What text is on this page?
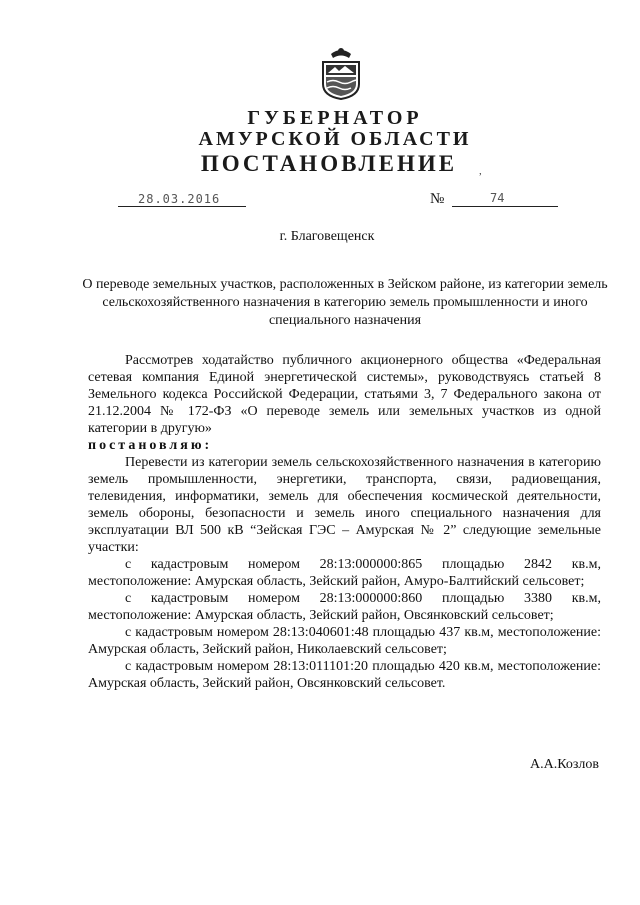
ГУБЕРНАТОР
АМУРСКОЙ ОБЛАСТИ
ПОСТАНОВЛЕНИЕ	,
28.03.2016	№	74
г. Благовещенск
О переводе земельных участков, расположенных в Зейском районе, из категории земель сельскохозяйственного назначения в категорию земель промышленности и иного специального назначения

Рассмотрев ходатайство публичного акционерного общества «Федеральная сетевая компания Единой энергетической системы», руководствуясь статьей 8 Земельного кодекса Российской Федерации, статьями 3, 7 Федерального закона от 21.12.2004 № 172-ФЗ «О переводе земель или земельных участков из одной категории в другую»

постановляю:

Перевести из категории земель сельскохозяйственного назначения в категорию земель промышленности, энергетики, транспорта, связи, радиовещания, телевидения, информатики, земель для обеспечения космической деятельности, земель обороны, безопасности и земель иного специального назначения для эксплуатации ВЛ 500 кВ “Зейская ГЭС – Амурская № 2” следующие земельные участки:

с кадастровым номером 28:13:000000:865 площадью 2842 кв.м, местоположение: Амурская область, Зейский район, Амуро-Балтийский сельсовет;

с кадастровым номером 28:13:000000:860 площадью 3380 кв.м, местоположение: Амурская область, Зейский район, Овсянковский сельсовет;

с кадастровым номером 28:13:040601:48 площадью 437 кв.м, местоположение: Амурская область, Зейский район, Николаевский сельсовет;

с кадастровым номером 28:13:011101:20 площадью 420 кв.м, местоположение: Амурская область, Зейский район, Овсянковский сельсовет.

А.А.Козлов
